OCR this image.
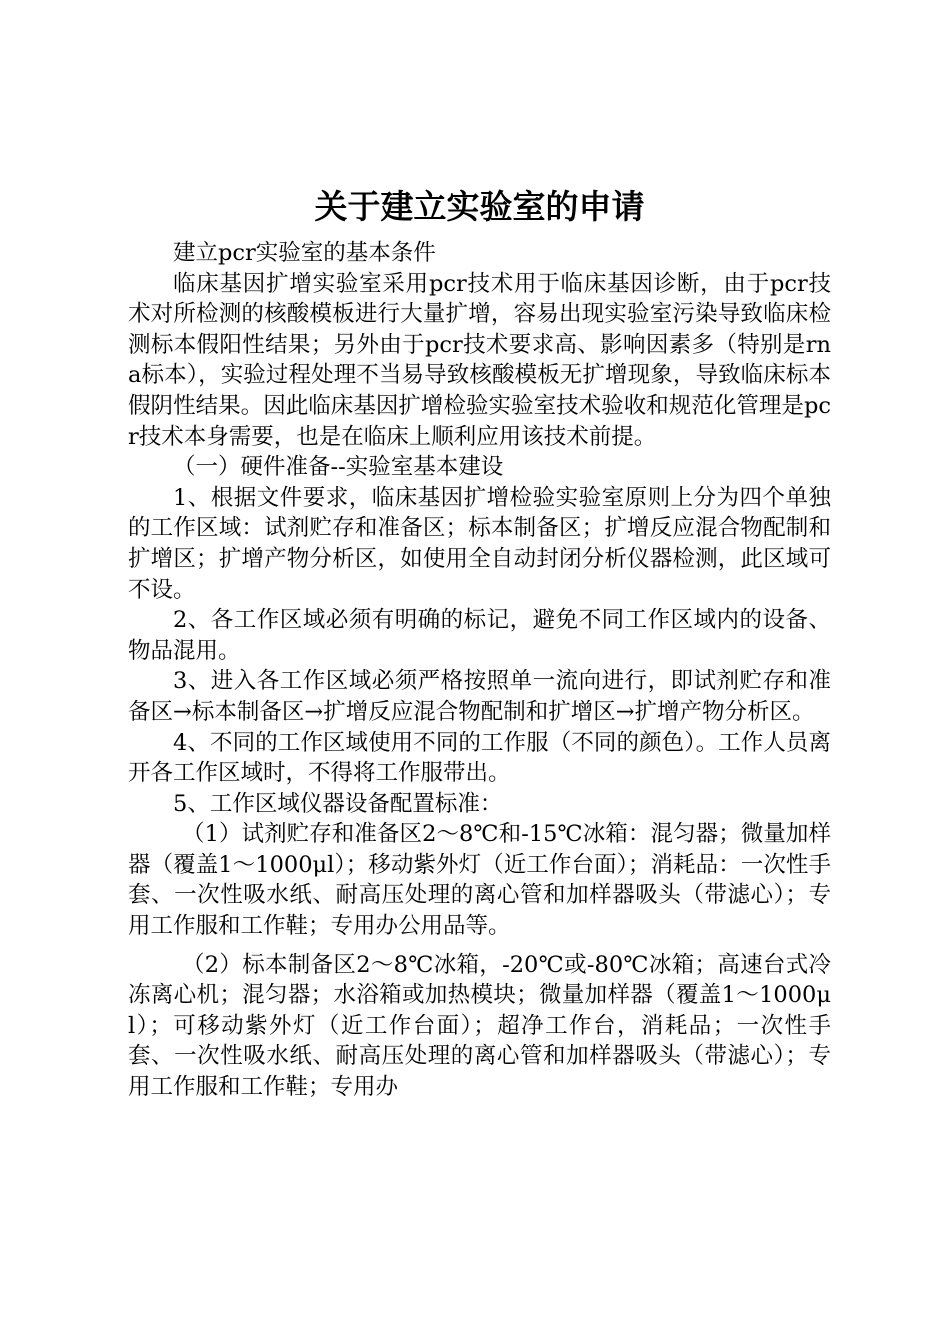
关于建立实验室的申请

建立pcr实验室的基本条件

临床基因扩增实验室采用pcr技术用于临床基因诊断，由于pcr技术对所检测的核酸模板进行大量扩增，容易出现实验室污染导致临床检测标本假阳性结果；另外由于pcr技术要求高、影响因素多（特别是rna标本），实验过程处理不当易导致核酸模板无扩增现象，导致临床标本假阴性结果。因此临床基因扩增检验实验室技术验收和规范化管理是pcr技术本身需要，也是在临床上顺利应用该技术前提。

（一）硬件准备--实验室基本建设

1、根据文件要求，临床基因扩增检验实验室原则上分为四个单独的工作区域：试剂贮存和准备区；标本制备区；扩增反应混合物配制和扩增区；扩增产物分析区，如使用全自动封闭分析仪器检测，此区域可不设。

2、各工作区域必须有明确的标记，避免不同工作区域内的设备、物品混用。

3、进入各工作区域必须严格按照单一流向进行，即试剂贮存和准备区→标本制备区→扩增反应混合物配制和扩增区→扩增产物分析区。

4、不同的工作区域使用不同的工作服（不同的颜色）。工作人员离开各工作区域时，不得将工作服带出。

5、工作区域仪器设备配置标准：

（1）试剂贮存和准备区2～8℃和-15℃冰箱：混匀器；微量加样器（覆盖1～1000μl）；移动紫外灯（近工作台面）；消耗品：一次性手套、一次性吸水纸、耐高压处理的离心管和加样器吸头（带滤心）；专用工作服和工作鞋；专用办公用品等。

（2）标本制备区2～8℃冰箱，-20℃或-80℃冰箱；高速台式冷冻离心机；混匀器；水浴箱或加热模块；微量加样器（覆盖1～1000μl）；可移动紫外灯（近工作台面）；超净工作台，消耗品；一次性手套、一次性吸水纸、耐高压处理的离心管和加样器吸头（带滤心）；专用工作服和工作鞋；专用办
